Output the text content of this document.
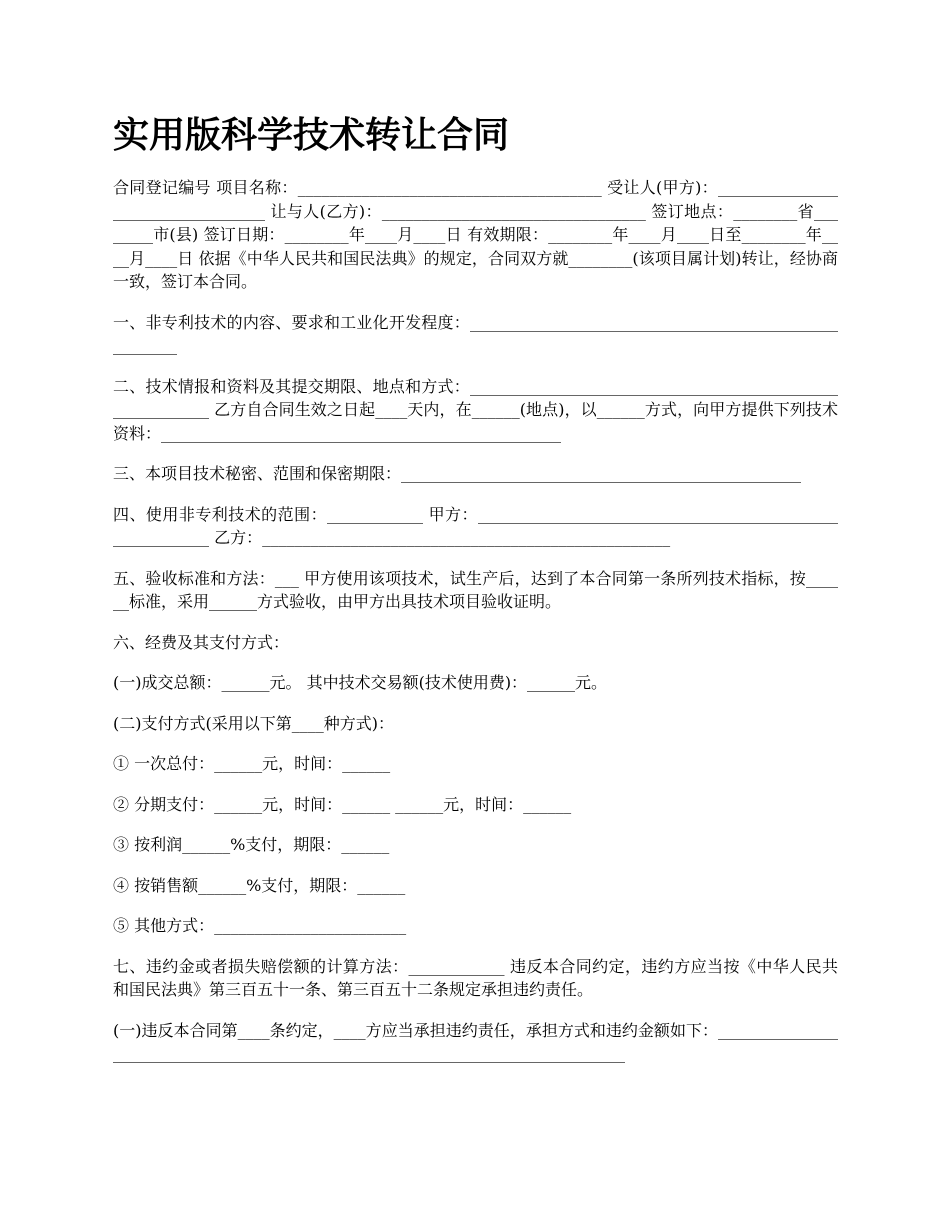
实用版科学技术转让合同

合同登记编号 项目名称：______________________________________ 受让人(甲方)：__________________________________ 让与人(乙方)：_________________________________ 签订地点：________省________市(县) 签订日期：________年____月____日 有效期限：________年____月____日至________年____月____日 依据《中华人民共和国民法典》的规定，合同双方就________(该项目属计划)转让，经协商一致，签订本合同。

一、非专利技术的内容、要求和工业化开发程度：______________________________________________________

二、技术情报和资料及其提交期限、地点和方式：__________________________________________________________ 乙方自合同生效之日起____天内，在______(地点)，以______方式，向甲方提供下列技术资料：__________________________________________________

三、本项目技术秘密、范围和保密期限：__________________________________________________

四、使用非专利技术的范围：____________ 甲方：_________________________________________________________ 乙方：___________________________________________________

五、验收标准和方法：___ 甲方使用该项技术，试生产后，达到了本合同第一条所列技术指标，按______标准，采用______方式验收，由甲方出具技术项目验收证明。

六、经费及其支付方式：

(一)成交总额：______元。 其中技术交易额(技术使用费)：______元。

(二)支付方式(采用以下第____种方式)：

① 一次总付：______元，时间：______

② 分期支付：______元，时间：______ ______元，时间：______

③ 按利润______%支付，期限：______

④ 按销售额______%支付，期限：______

⑤ 其他方式：________________________

七、违约金或者损失赔偿额的计算方法：____________ 违反本合同约定，违约方应当按《中华人民共和国民法典》第三百五十一条、第三百五十二条规定承担违约责任。

(一)违反本合同第____条约定，____方应当承担违约责任，承担方式和违约金额如下：_______________________________________________________________________________
